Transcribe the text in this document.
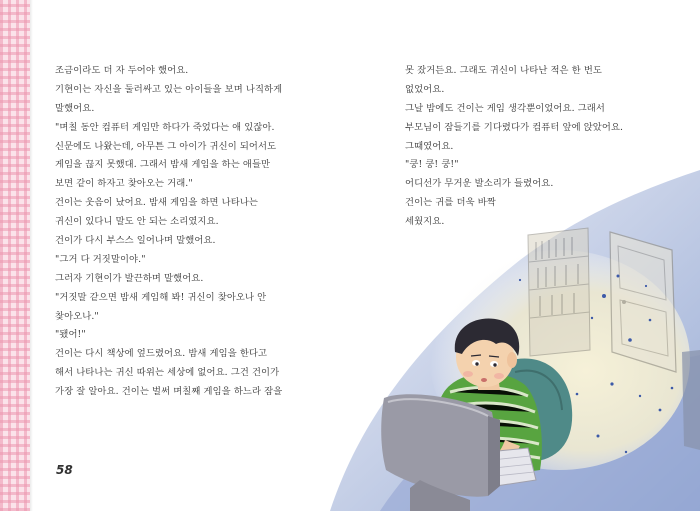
조금이라도 더 자 두어야 했어요.
기현이는 자신을 둘러싸고 있는 아이들을 보며 나직하게
말했어요.
"며칠 동안 컴퓨터 게임만 하다가 죽었다는 애 있잖아.
신문에도 나왔는데, 아무튼 그 아이가 귀신이 되어서도
게임을 끊지 못했대. 그래서 밤새 게임을 하는 애들만
보면 같이 하자고 찾아오는 거래."
건이는 웃음이 났어요. 밤새 게임을 하면 나타나는
귀신이 있다니 말도 안 되는 소리였지요.
건이가 다시 부스스 일어나며 말했어요.
"그거 다 거짓말이야."
그러자 기현이가 발끈하며 말했어요.
"거짓말 같으면 밤새 게임해 봐! 귀신이 찾아오나 안
찾아오나."
"됐어!"
건이는 다시 책상에 엎드렸어요. 밤새 게임을 한다고
해서 나타나는 귀신 따위는 세상에 없어요. 그건 건이가
가장 잘 알아요. 건이는 벌써 며칠째 게임을 하느라 잠을
58
못 잤거든요. 그래도 귀신이 나타난 적은 한 번도
없었어요.
그날 밤에도 건이는 게임 생각뿐이었어요. 그래서
부모님이 잠들기를 기다렸다가 컴퓨터 앞에 앉았어요.
그때였어요.
"쿵! 쿵! 쿵!"
어디선가 무거운 발소리가 들렸어요.
건이는 귀를 더욱 바짝
세웠지요.
